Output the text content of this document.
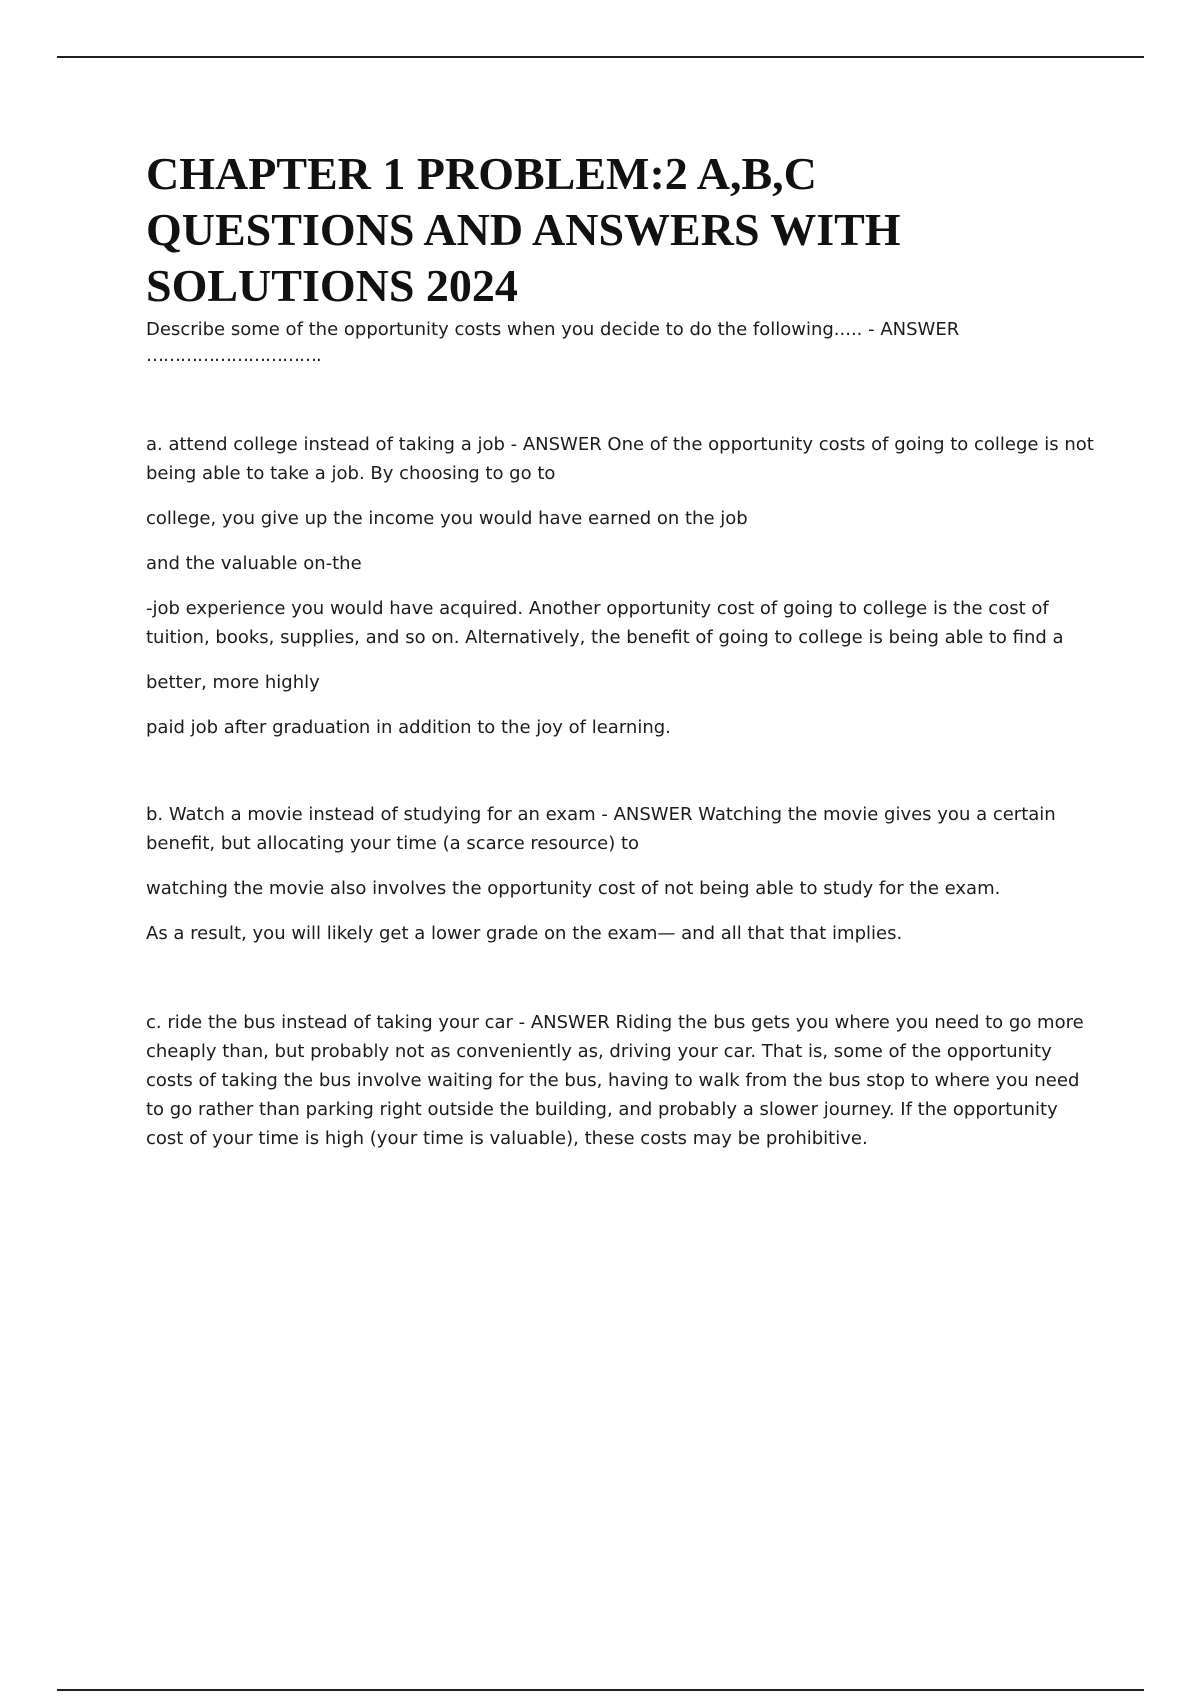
CHAPTER 1 PROBLEM:2 A,B,C
QUESTIONS AND ANSWERS WITH
SOLUTIONS 2024

Describe some of the opportunity costs when you decide to do the following..... - ANSWER

………………………….

a. attend college instead of taking a job - ANSWER One of the opportunity costs of going to college is not being able to take a job. By choosing to go to

college, you give up the income you would have earned on the job

and the valuable on-the

-job experience you would have acquired. Another opportunity cost of going to college is the cost of tuition, books, supplies, and so on. Alternatively, the benefit of going to college is being able to find a

better, more highly

paid job after graduation in addition to the joy of learning.

b. Watch a movie instead of studying for an exam - ANSWER Watching the movie gives you a certain benefit, but allocating your time (a scarce resource) to

watching the movie also involves the opportunity cost of not being able to study for the exam.

As a result, you will likely get a lower grade on the exam— and all that that implies.

c. ride the bus instead of taking your car - ANSWER Riding the bus gets you where you need to go more cheaply than, but probably not as conveniently as, driving your car. That is, some of the opportunity costs of taking the bus involve waiting for the bus, having to walk from the bus stop to where you need to go rather than parking right outside the building, and probably a slower journey. If the opportunity cost of your time is high (your time is valuable), these costs may be prohibitive.
